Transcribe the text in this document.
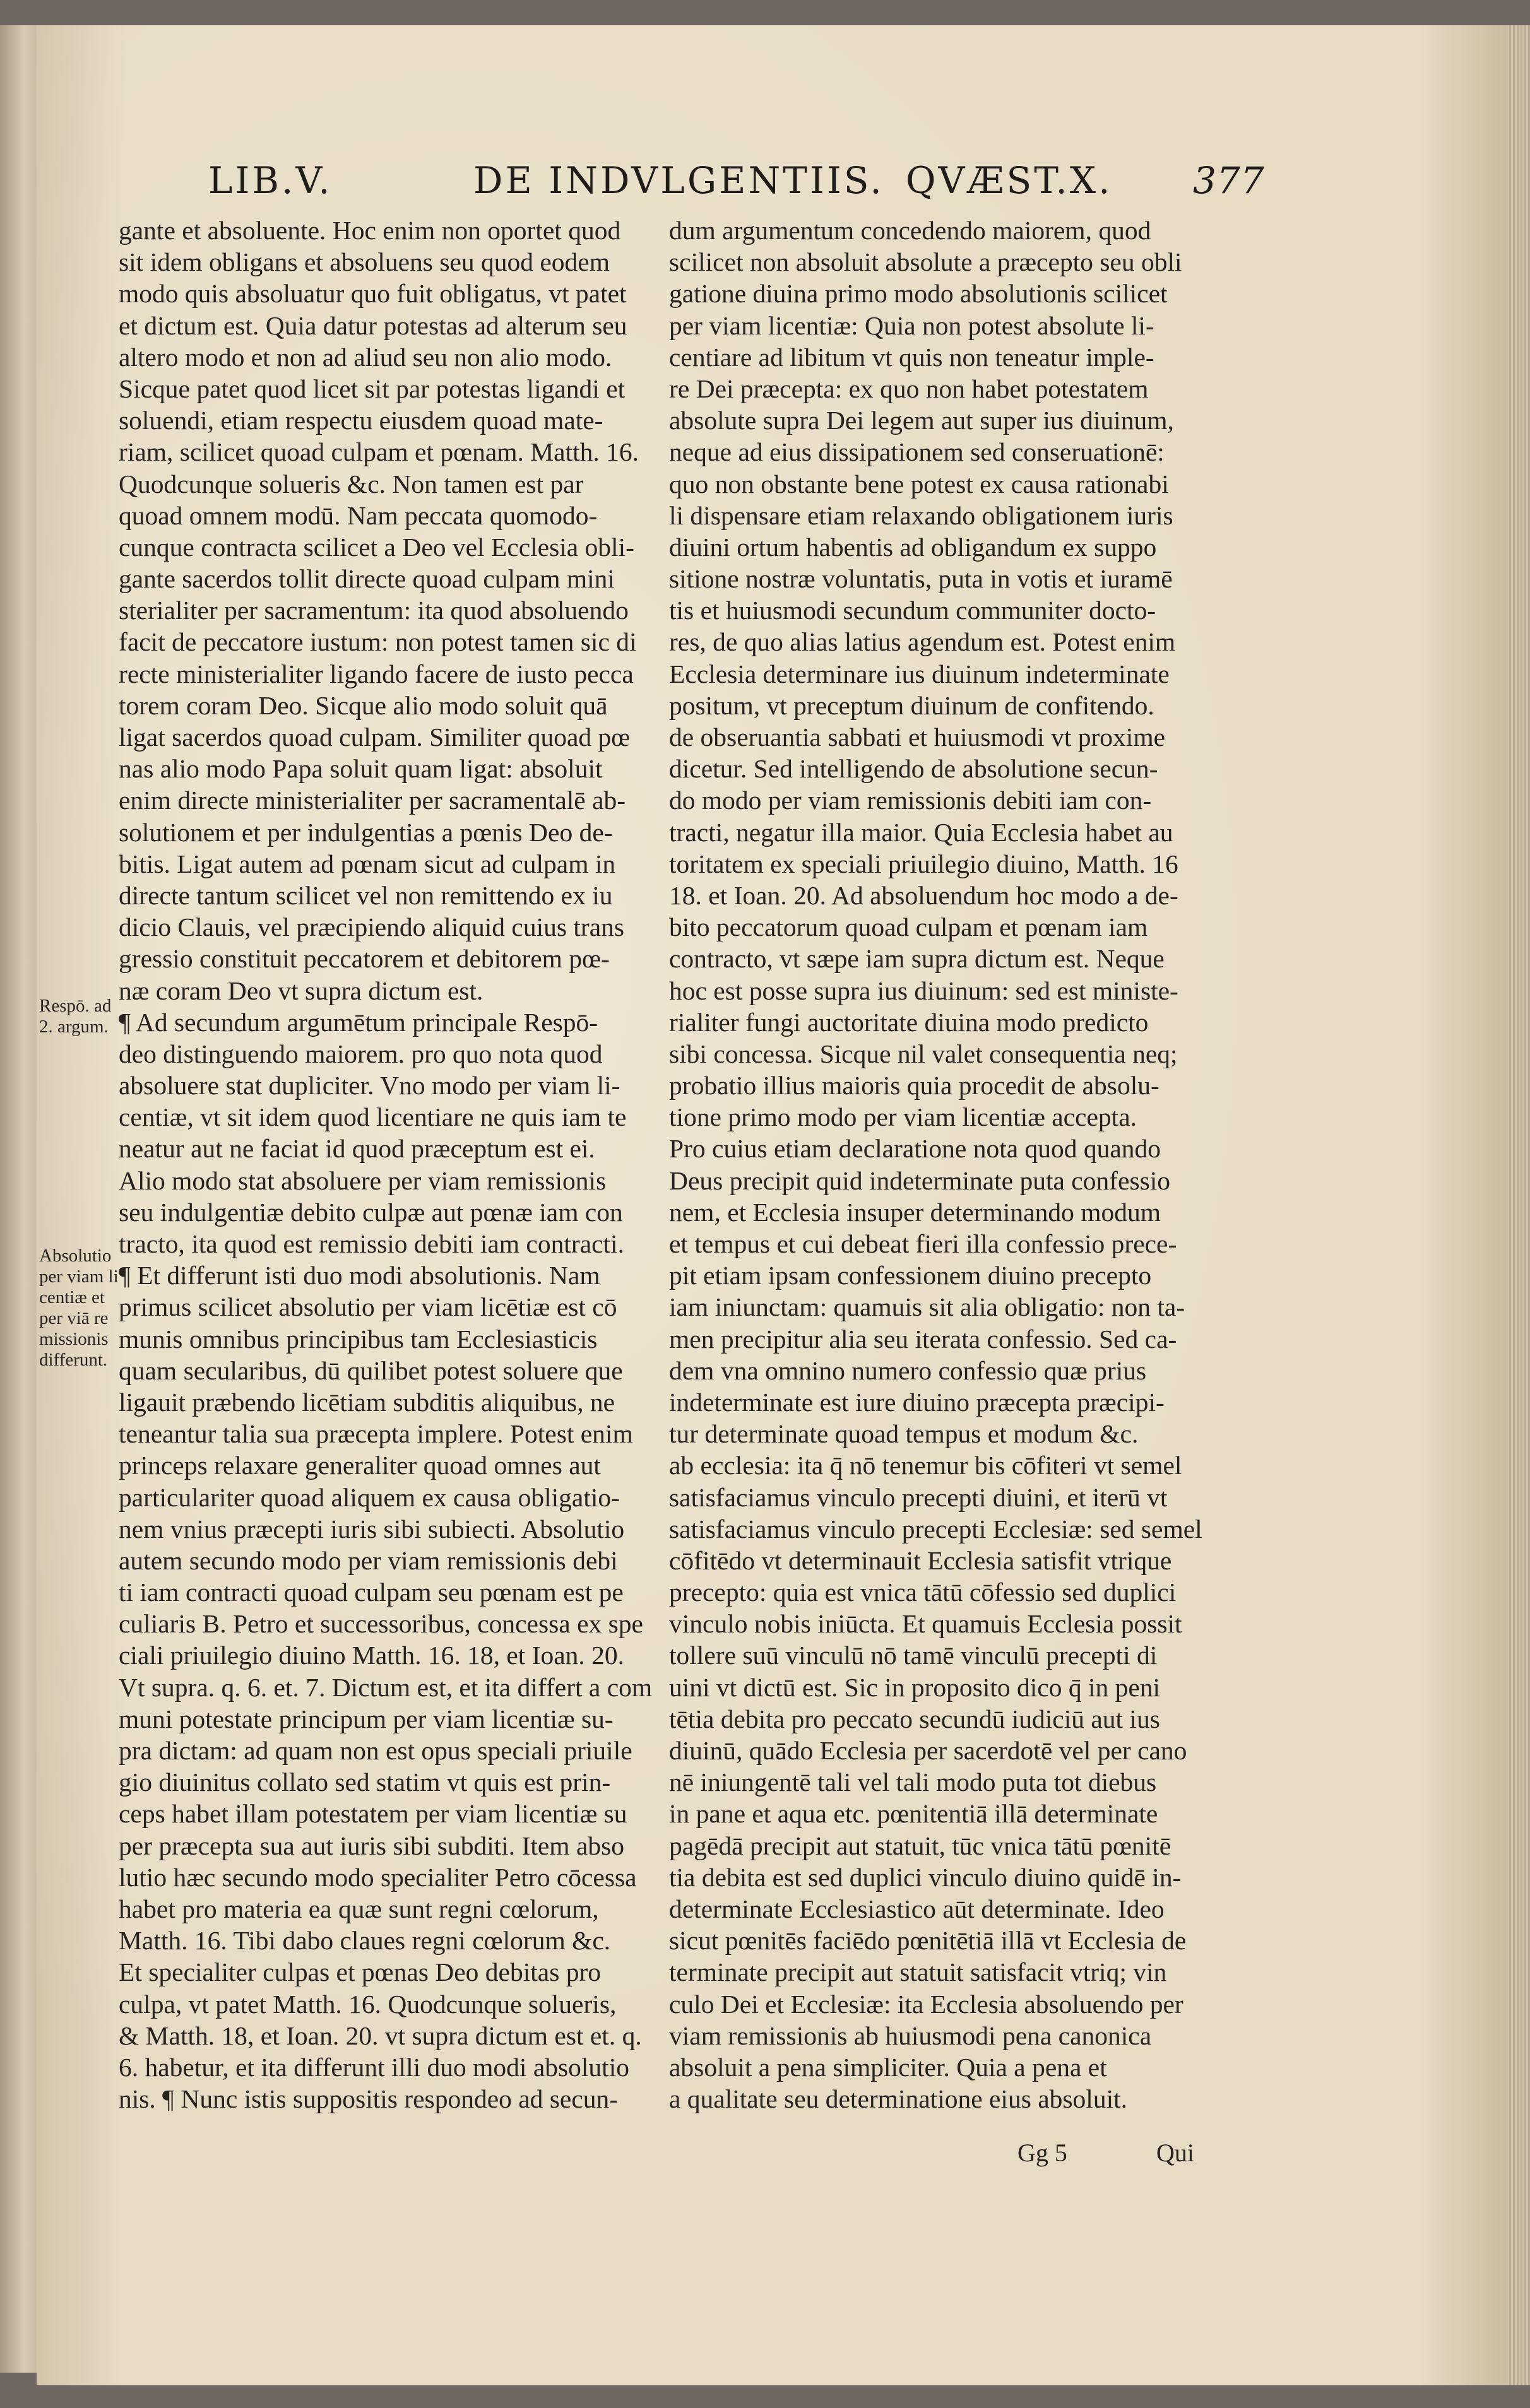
LIB.V.	DE INDVLGENTIIS. QVÆST.X. 377
gante et absoluente. Hoc enim non oportet quod
sit idem obligans et absoluens seu quod eodem
modo quis absoluatur quo fuit obligatus, vt patet
et dictum est. Quia datur potestas ad alterum seu
altero modo et non ad aliud seu non alio modo.
Sicque patet quod licet sit par potestas ligandi et
soluendi, etiam respectu eiusdem quoad mate-
riam, scilicet quoad culpam et pœnam. Matth. 16.
Quodcunque solueris &c. Non tamen est par
quoad omnem modū. Nam peccata quomodo-
cunque contracta scilicet a Deo vel Ecclesia obli-
gante sacerdos tollit directe quoad culpam mini
sterialiter per sacramentum: ita quod absoluendo
facit de peccatore iustum: non potest tamen sic di
recte ministerialiter ligando facere de iusto pecca
torem coram Deo. Sicque alio modo soluit quā
ligat sacerdos quoad culpam. Similiter quoad pœ
nas alio modo Papa soluit quam ligat: absoluit
enim directe ministerialiter per sacramentalē ab-
solutionem et per indulgentias a pœnis Deo de-
bitis. Ligat autem ad pœnam sicut ad culpam in
directe tantum scilicet vel non remittendo ex iu
dicio Clauis, vel præcipiendo aliquid cuius trans
gressio constituit peccatorem et debitorem pœ-
næ coram Deo vt supra dictum est.
¶ Ad secundum argumētum principale Respō-
deo distinguendo maiorem. pro quo nota quod
absoluere stat dupliciter. Vno modo per viam li-
centiæ, vt sit idem quod licentiare ne quis iam te
neatur aut ne faciat id quod præceptum est ei.
Alio modo stat absoluere per viam remissionis
seu indulgentiæ debito culpæ aut pœnæ iam con
tracto, ita quod est remissio debiti iam contracti.
¶ Et differunt isti duo modi absolutionis. Nam
primus scilicet absolutio per viam licētiæ est cō
munis omnibus principibus tam Ecclesiasticis
quam secularibus, dū quilibet potest soluere que
ligauit præbendo licētiam subditis aliquibus, ne
teneantur talia sua præcepta implere. Potest enim
princeps relaxare generaliter quoad omnes aut
particulariter quoad aliquem ex causa obligatio-
nem vnius præcepti iuris sibi subiecti. Absolutio
autem secundo modo per viam remissionis debi
ti iam contracti quoad culpam seu pœnam est pe
culiaris B. Petro et successoribus, concessa ex spe
ciali priuilegio diuino Matth. 16. 18, et Ioan. 20.
Vt supra. q. 6. et. 7. Dictum est, et ita differt a com
muni potestate principum per viam licentiæ su-
pra dictam: ad quam non est opus speciali priuile
gio diuinitus collato sed statim vt quis est prin-
ceps habet illam potestatem per viam licentiæ su
per præcepta sua aut iuris sibi subditi. Item abso
lutio hæc secundo modo specialiter Petro cōcessa
habet pro materia ea quæ sunt regni cœlorum,
Matth. 16. Tibi dabo claues regni cœlorum &c.
Et specialiter culpas et pœnas Deo debitas pro
culpa, vt patet Matth. 16. Quodcunque solueris,
& Matth. 18, et Ioan. 20. vt supra dictum est et. q.
6. habetur, et ita differunt illi duo modi absolutio
nis. ¶ Nunc istis suppositis respondeo ad secun-
dum argumentum concedendo maiorem, quod
scilicet non absoluit absolute a præcepto seu obli
gatione diuina primo modo absolutionis scilicet
per viam licentiæ: Quia non potest absolute li-
centiare ad libitum vt quis non teneatur imple-
re Dei præcepta: ex quo non habet potestatem
absolute supra Dei legem aut super ius diuinum,
neque ad eius dissipationem sed conseruationē:
quo non obstante bene potest ex causa rationabi
li dispensare etiam relaxando obligationem iuris
diuini ortum habentis ad obligandum ex suppo
sitione nostræ voluntatis, puta in votis et iuramē
tis et huiusmodi secundum communiter docto-
res, de quo alias latius agendum est. Potest enim
Ecclesia determinare ius diuinum indeterminate
positum, vt preceptum diuinum de confitendo.
de obseruantia sabbati et huiusmodi vt proxime
dicetur. Sed intelligendo de absolutione secun-
do modo per viam remissionis debiti iam con-
tracti, negatur illa maior. Quia Ecclesia habet au
toritatem ex speciali priuilegio diuino, Matth. 16
18. et Ioan. 20. Ad absoluendum hoc modo a de-
bito peccatorum quoad culpam et pœnam iam
contracto, vt sæpe iam supra dictum est. Neque
hoc est posse supra ius diuinum: sed est ministe-
rialiter fungi auctoritate diuina modo predicto
sibi concessa. Sicque nil valet consequentia neq;
probatio illius maioris quia procedit de absolu-
tione primo modo per viam licentiæ accepta.
Pro cuius etiam declaratione nota quod quando
Deus precipit quid indeterminate puta confessio
nem, et Ecclesia insuper determinando modum
et tempus et cui debeat fieri illa confessio prece-
pit etiam ipsam confessionem diuino precepto
iam iniunctam: quamuis sit alia obligatio: non ta-
men precipitur alia seu iterata confessio. Sed ca-
dem vna omnino numero confessio quæ prius
indeterminate est iure diuino præcepta præcipi-
tur determinate quoad tempus et modum &c.
ab ecclesia: ita q̄ nō tenemur bis cōfiteri vt semel
satisfaciamus vinculo precepti diuini, et iterū vt
satisfaciamus vinculo precepti Ecclesiæ: sed semel
cōfitēdo vt determinauit Ecclesia satisfit vtrique
precepto: quia est vnica tātū cōfessio sed duplici
vinculo nobis iniūcta. Et quamuis Ecclesia possit
tollere suū vinculū nō tamē vinculū precepti di
uini vt dictū est. Sic in proposito dico q̄ in peni
tētia debita pro peccato secundū iudiciū aut ius
diuinū, quādo Ecclesia per sacerdotē vel per cano
nē iniungentē tali vel tali modo puta tot diebus
in pane et aqua etc. pœnitentiā illā determinate
pagēdā precipit aut statuit, tūc vnica tātū pœnitē
tia debita est sed duplici vinculo diuino quidē in-
determinate Ecclesiastico aūt determinate. Ideo
sicut pœnitēs faciēdo pœnitētiā illā vt Ecclesia de
terminate precipit aut statuit satisfacit vtriq; vin
culo Dei et Ecclesiæ: ita Ecclesia absoluendo per
viam remissionis ab huiusmodi pena canonica
absoluit a pena simpliciter. Quia a pena et
a qualitate seu determinatione eius absoluit.
Respō. ad
2. argum.
Absolutio
per viam li
centiæ et
per viā re
missionis
differunt.
Gg 5	Qui
